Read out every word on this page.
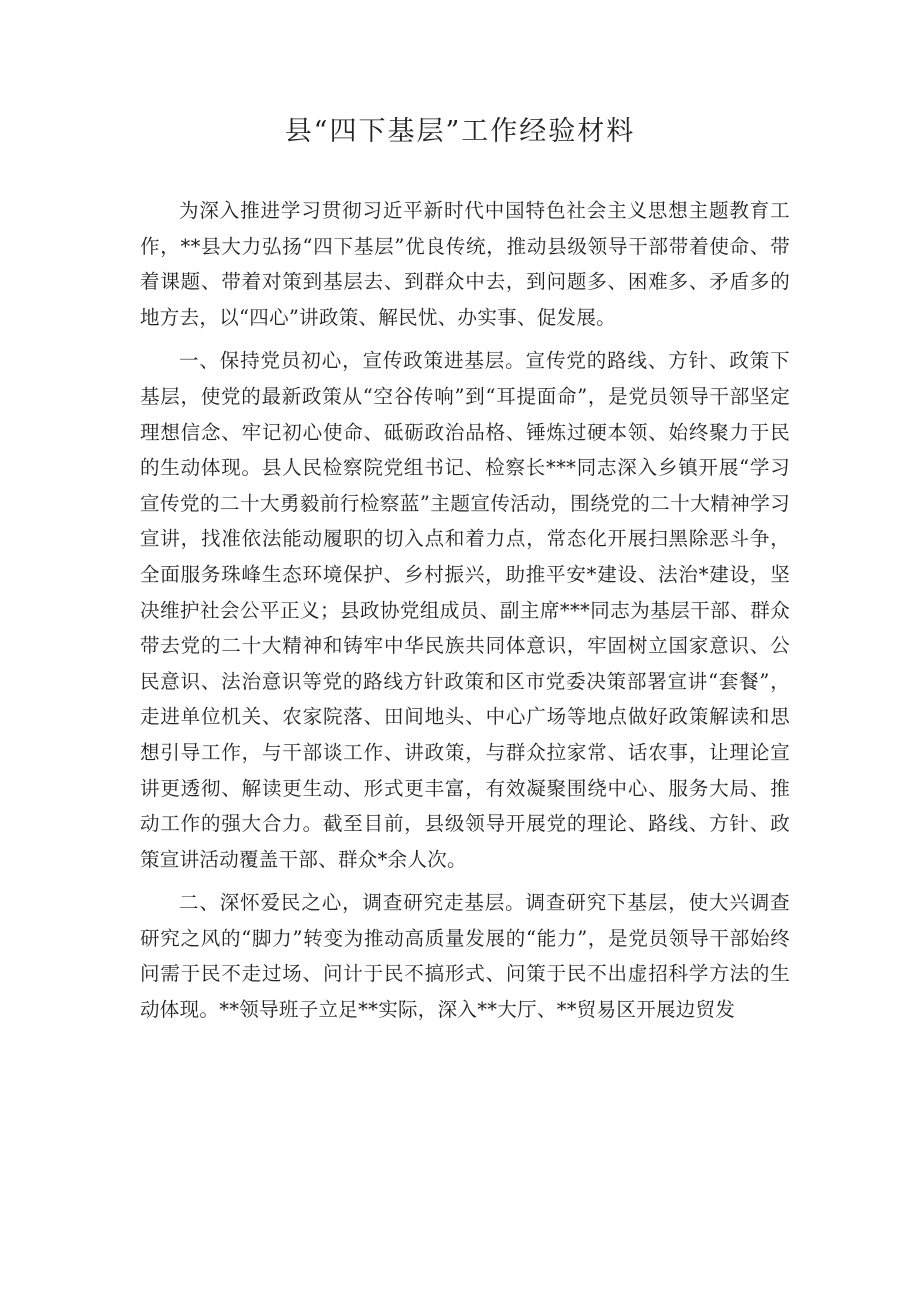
县“四下基层”工作经验材料

为深入推进学习贯彻习近平新时代中国特色社会主义思想主题教育工作，**县大力弘扬“四下基层”优良传统，推动县级领导干部带着使命、带着课题、带着对策到基层去、到群众中去，到问题多、困难多、矛盾多的地方去，以“四心”讲政策、解民忧、办实事、促发展。

一、保持党员初心，宣传政策进基层。宣传党的路线、方针、政策下基层，使党的最新政策从“空谷传响”到“耳提面命”，是党员领导干部坚定理想信念、牢记初心使命、砥砺政治品格、锤炼过硬本领、始终聚力于民的生动体现。县人民检察院党组书记、检察长***同志深入乡镇开展“学习宣传党的二十大勇毅前行检察蓝”主题宣传活动，围绕党的二十大精神学习宣讲，找准依法能动履职的切入点和着力点，常态化开展扫黑除恶斗争，全面服务珠峰生态环境保护、乡村振兴，助推平安*建设、法治*建设，坚决维护社会公平正义；县政协党组成员、副主席***同志为基层干部、群众带去党的二十大精神和铸牢中华民族共同体意识，牢固树立国家意识、公民意识、法治意识等党的路线方针政策和区市党委决策部署宣讲“套餐”，走进单位机关、农家院落、田间地头、中心广场等地点做好政策解读和思想引导工作，与干部谈工作、讲政策，与群众拉家常、话农事，让理论宣讲更透彻、解读更生动、形式更丰富，有效凝聚围绕中心、服务大局、推动工作的强大合力。截至目前，县级领导开展党的理论、路线、方针、政策宣讲活动覆盖干部、群众*余人次。

二、深怀爱民之心，调查研究走基层。调查研究下基层，使大兴调查研究之风的“脚力”转变为推动高质量发展的“能力”，是党员领导干部始终问需于民不走过场、问计于民不搞形式、问策于民不出虚招科学方法的生动体现。**领导班子立足**实际，深入**大厅、**贸易区开展边贸发
